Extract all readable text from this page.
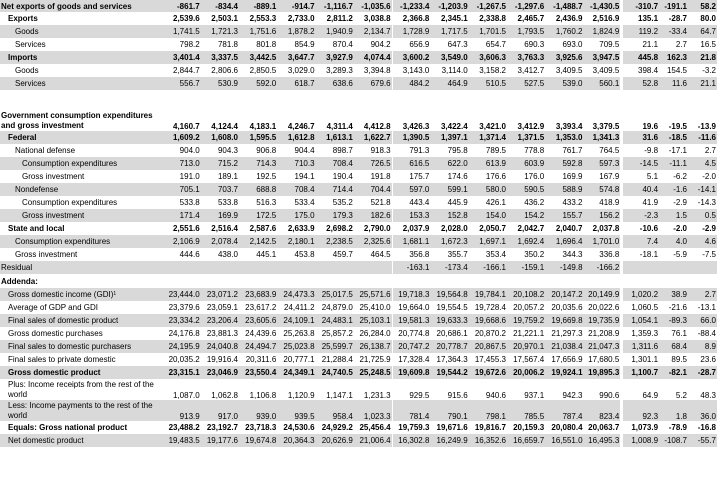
Net exports of goods and services	-861.7	-834.4	-889.1	-914.7	-1,116.7	-1,035.6	-1,233.4	-1,203.9	-1,267.5	-1,297.6	-1,488.7	-1,430.5	-310.7	-191.1	58.2
Exports	2,539.6	2,503.1	2,553.3	2,733.0	2,811.2	3,038.8	2,366.8	2,345.1	2,338.8	2,465.7	2,436.9	2,516.9	135.1	-28.7	80.0
Goods	1,741.5	1,721.3	1,751.6	1,878.2	1,940.9	2,134.7	1,728.9	1,717.5	1,701.5	1,793.5	1,760.2	1,824.9	119.2	-33.4	64.7
Services	798.2	781.8	801.8	854.9	870.4	904.2	656.9	647.3	654.7	690.3	693.0	709.5	21.1	2.7	16.5
Imports	3,401.4	3,337.5	3,442.5	3,647.7	3,927.9	4,074.4	3,600.2	3,549.0	3,606.3	3,763.3	3,925.6	3,947.5	445.8	162.3	21.8
Goods	2,844.7	2,806.6	2,850.5	3,029.0	3,289.3	3,394.8	3,143.0	3,114.0	3,158.2	3,412.7	3,409.5	3,409.5	398.4	154.5	-3.2
Services	556.7	530.9	592.0	618.7	638.6	679.6	484.2	464.9	510.5	527.5	539.0	560.1	52.8	11.6	21.1
Government consumption expenditures and gross investment	4,160.7	4,124.4	4,183.1	4,246.7	4,311.4	4,412.8	3,426.3	3,422.4	3,421.0	3,412.9	3,393.4	3,379.5	19.6	-19.5	-13.9
Federal	1,609.2	1,608.0	1,595.5	1,612.8	1,613.1	1,622.7	1,390.5	1,397.1	1,371.4	1,371.5	1,353.0	1,341.3	31.6	-18.5	-11.6
National defense	904.0	904.3	906.8	904.4	898.7	918.3	791.3	795.8	789.5	778.8	761.7	764.5	-9.8	-17.1	2.7
Consumption expenditures	713.0	715.2	714.3	710.3	708.4	726.5	616.5	622.0	613.9	603.9	592.8	597.3	-14.5	-11.1	4.5
Gross investment	191.0	189.1	192.5	194.1	190.4	191.8	175.7	174.6	176.6	176.0	169.9	167.9	5.1	-6.2	-2.0
Nondefense	705.1	703.7	688.8	708.4	714.4	704.4	597.0	599.1	580.0	590.5	588.9	574.8	40.4	-1.6	-14.1
Consumption expenditures	533.8	533.8	516.3	533.4	535.2	521.8	443.4	445.9	426.1	436.2	433.2	418.9	41.9	-2.9	-14.3
Gross investment	171.4	169.9	172.5	175.0	179.3	182.6	153.3	152.8	154.0	154.2	155.7	156.2	-2.3	1.5	0.5
State and local	2,551.6	2,516.4	2,587.6	2,633.9	2,698.2	2,790.0	2,037.9	2,028.0	2,050.7	2,042.7	2,040.7	2,037.8	-10.6	-2.0	-2.9
Consumption expenditures	2,106.9	2,078.4	2,142.5	2,180.1	2,238.5	2,325.6	1,681.1	1,672.3	1,697.1	1,692.4	1,696.4	1,701.0	7.4	4.0	4.6
Gross investment	444.6	438.0	445.1	453.8	459.7	464.5	356.8	355.7	353.4	350.2	344.3	336.8	-18.1	-5.9	-7.5
Residual							-163.1	-173.4	-166.1	-159.1	-149.8	-166.2			
Addenda:															
Gross domestic income (GDI)$^1$	23,444.0	23,071.2	23,683.9	24,473.3	25,017.5	25,571.6	19,718.3	19,564.8	19,784.1	20,108.2	20,147.2	20,149.9	1,020.2	38.9	2.7
Average of GDP and GDI	23,379.6	23,059.1	23,617.2	24,411.2	24,879.0	25,410.0	19,664.0	19,554.5	19,728.4	20,057.2	20,035.6	20,022.6	1,060.5	-21.6	-13.1
Final sales of domestic product	23,334.2	23,206.4	23,605.6	24,109.1	24,483.1	25,103.1	19,581.3	19,633.3	19,668.6	19,759.2	19,669.8	19,735.9	1,054.1	-89.3	66.0
Gross domestic purchases	24,176.8	23,881.3	24,439.6	25,263.8	25,857.2	26,284.0	20,774.8	20,686.1	20,870.2	21,221.1	21,297.3	21,208.9	1,359.3	76.1	-88.4
Final sales to domestic purchasers	24,195.9	24,040.8	24,494.7	25,023.8	25,599.7	26,138.7	20,747.2	20,778.7	20,867.5	20,970.1	21,038.4	21,047.3	1,311.6	68.4	8.9
Final sales to private domestic	20,035.2	19,916.4	20,311.6	20,777.1	21,288.4	21,725.9	17,328.4	17,364.3	17,455.3	17,567.4	17,656.9	17,680.5	1,301.1	89.5	23.6
Gross domestic product	23,315.1	23,046.9	23,550.4	24,349.1	24,740.5	25,248.5	19,609.8	19,544.2	19,672.6	20,006.2	19,924.1	19,895.3	1,100.7	-82.1	-28.7
Plus: Income receipts from the rest of the world	1,087.0	1,062.8	1,106.8	1,120.9	1,147.1	1,231.3	929.5	915.6	940.6	937.1	942.3	990.6	64.9	5.2	48.3
Less: Income payments to the rest of the world	913.9	917.0	939.0	939.5	958.4	1,023.3	781.4	790.1	798.1	785.5	787.4	823.4	92.3	1.8	36.0
Equals: Gross national product	23,488.2	23,192.7	23,718.3	24,530.6	24,929.2	25,456.4	19,759.3	19,671.6	19,816.7	20,159.3	20,080.4	20,063.7	1,073.9	-78.9	-16.8
Net domestic product	19,483.5	19,177.6	19,674.8	20,364.3	20,626.9	21,006.4	16,302.8	16,249.9	16,352.6	16,659.7	16,551.0	16,495.3	1,008.9	-108.7	-55.7
